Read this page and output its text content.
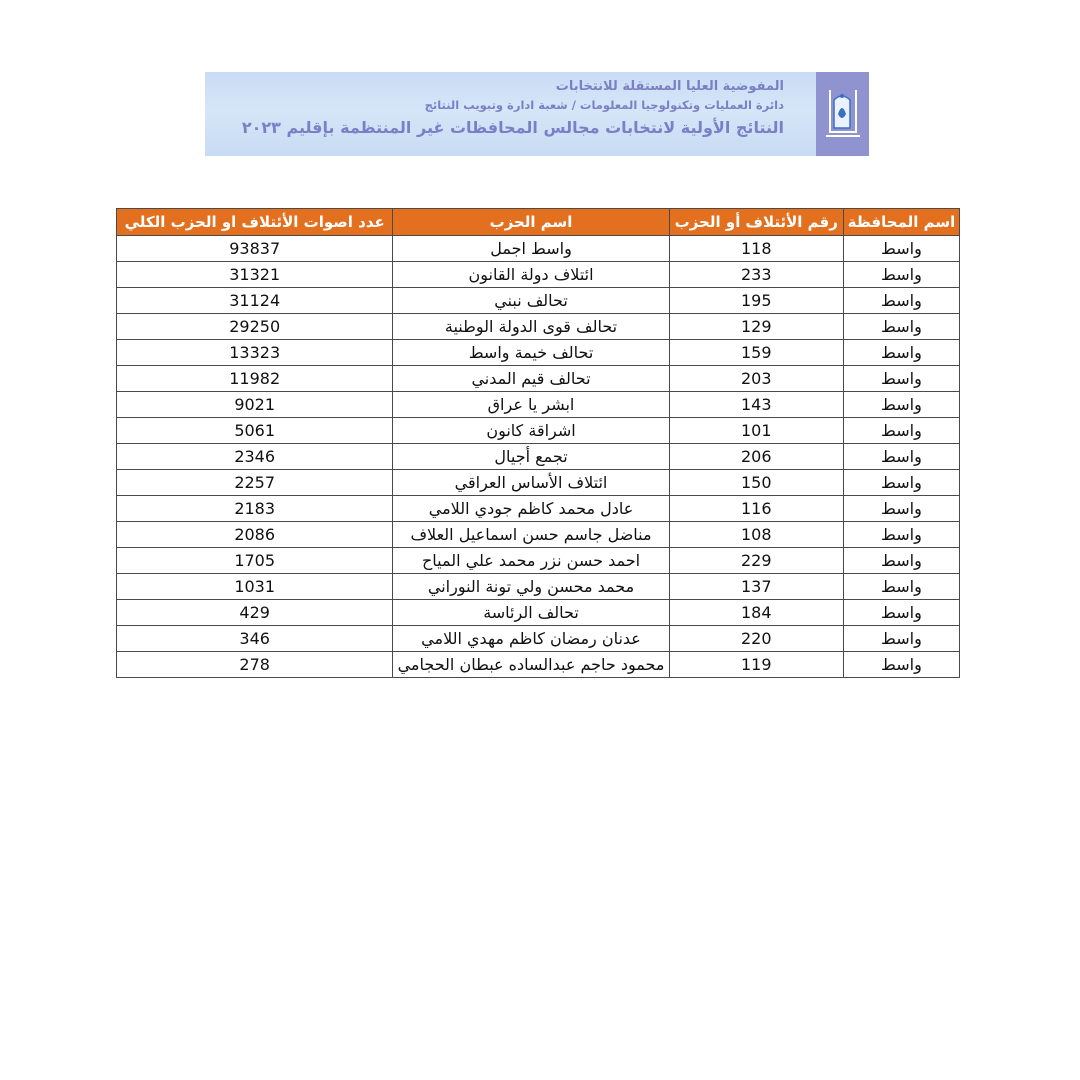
المفوضية العليا المستقلة للانتخابات
دائرة العمليات وتكنولوجيا المعلومات / شعبة ادارة وتبويب النتائج
النتائج الأولية لانتخابات مجالس المحافظات غير المنتظمة بإقليم ٢٠٢٣
اسم المحافظة	رقم الأئتلاف أو الحزب	اسم الحزب	عدد اصوات الأئتلاف او الحزب الكلي
واسط	118	واسط اجمل	93837
واسط	233	ائتلاف دولة القانون	31321
واسط	195	تحالف نبني	31124
واسط	129	تحالف قوى الدولة الوطنية	29250
واسط	159	تحالف خيمة واسط	13323
واسط	203	تحالف قيم المدني	11982
واسط	143	ابشر يا عراق	9021
واسط	101	اشراقة كانون	5061
واسط	206	تجمع أجيال	2346
واسط	150	ائتلاف الأساس العراقي	2257
واسط	116	عادل محمد كاظم جودي اللامي	2183
واسط	108	مناضل جاسم حسن اسماعيل العلاف	2086
واسط	229	احمد حسن نزر محمد علي المياح	1705
واسط	137	محمد محسن ولي تونة النوراني	1031
واسط	184	تحالف الرئاسة	429
واسط	220	عدنان رمضان كاظم مهدي اللامي	346
واسط	119	محمود حاجم عبدالساده عبطان الحجامي	278
